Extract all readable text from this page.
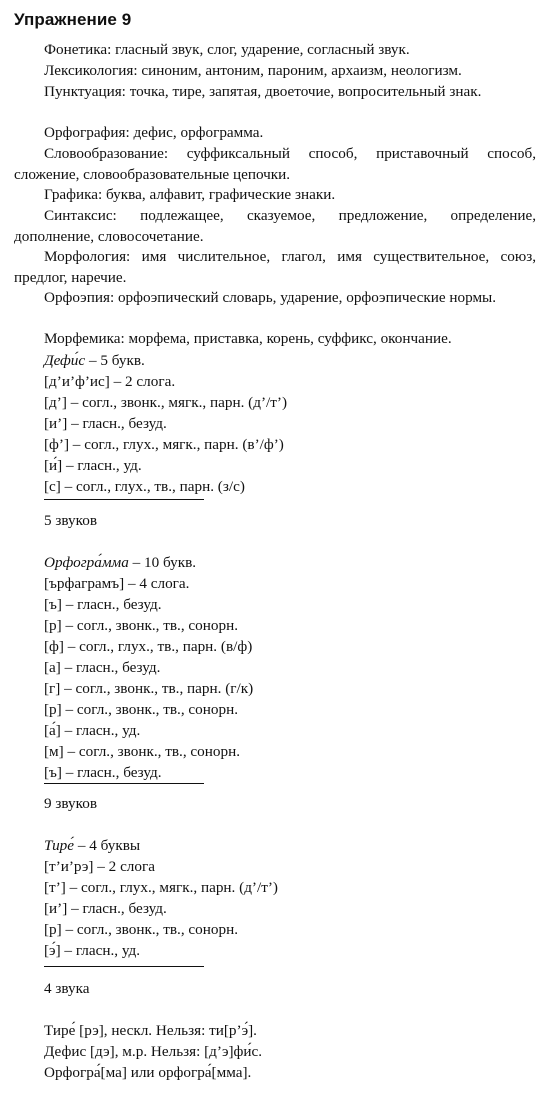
Упражнение 9
Фонетика: гласный звук, слог, ударение, согласный звук.
Лексикология: синоним, антоним, пароним, архаизм, неологизм.
Пунктуация: точка, тире, запятая, двоеточие, вопросительный знак.
Орфография: дефис, орфограмма.
Словообразование: суффиксальный способ, приставочный способ, сложение, словообразовательные цепочки.
Графика: буква, алфавит, графические знаки.
Синтаксис: подлежащее, сказуемое, предложение, определение, дополнение, словосочетание.
Морфология: имя числительное, глагол, имя существительное, союз, предлог, наречие.
Орфоэпия: орфоэпический словарь, ударение, орфоэпические нормы.
Морфемика: морфема, приставка, корень, суффикс, окончание.
Дефи́с – 5 букв.
[д’и’ф’ис] – 2 слога.
[д’] – согл., звонк., мягк., парн. (д’/т’)
[и’] – гласн., безуд.
[ф’] – согл., глух., мягк., парн. (в’/ф’)
[и́] – гласн., уд.
[с] – согл., глух., тв., парн. (з/с)
5 звуков
Орфогра́мма – 10 букв.
[ърфаграмъ] – 4 слога.
[ъ] – гласн., безуд.
[р] – согл., звонк., тв., сонорн.
[ф] – согл., глух., тв., парн. (в/ф)
[а] – гласн., безуд.
[г] – согл., звонк., тв., парн. (г/к)
[р] – согл., звонк., тв., сонорн.
[а́] – гласн., уд.
[м] – согл., звонк., тв., сонорн.
[ъ] – гласн., безуд.
9 звуков
Тире́ – 4 буквы
[т’и’рэ] – 2 слога
[т’] – согл., глух., мягк., парн. (д’/т’)
[и’] – гласн., безуд.
[р] – согл., звонк., тв., сонорн.
[э́] – гласн., уд.
4 звука
Тире́ [рэ], нескл. Нельзя: ти[р’э́].
Дефис [дэ], м.р. Нельзя: [д’э]фи́с.
Орфогра́[ма] или орфогра́[мма].
